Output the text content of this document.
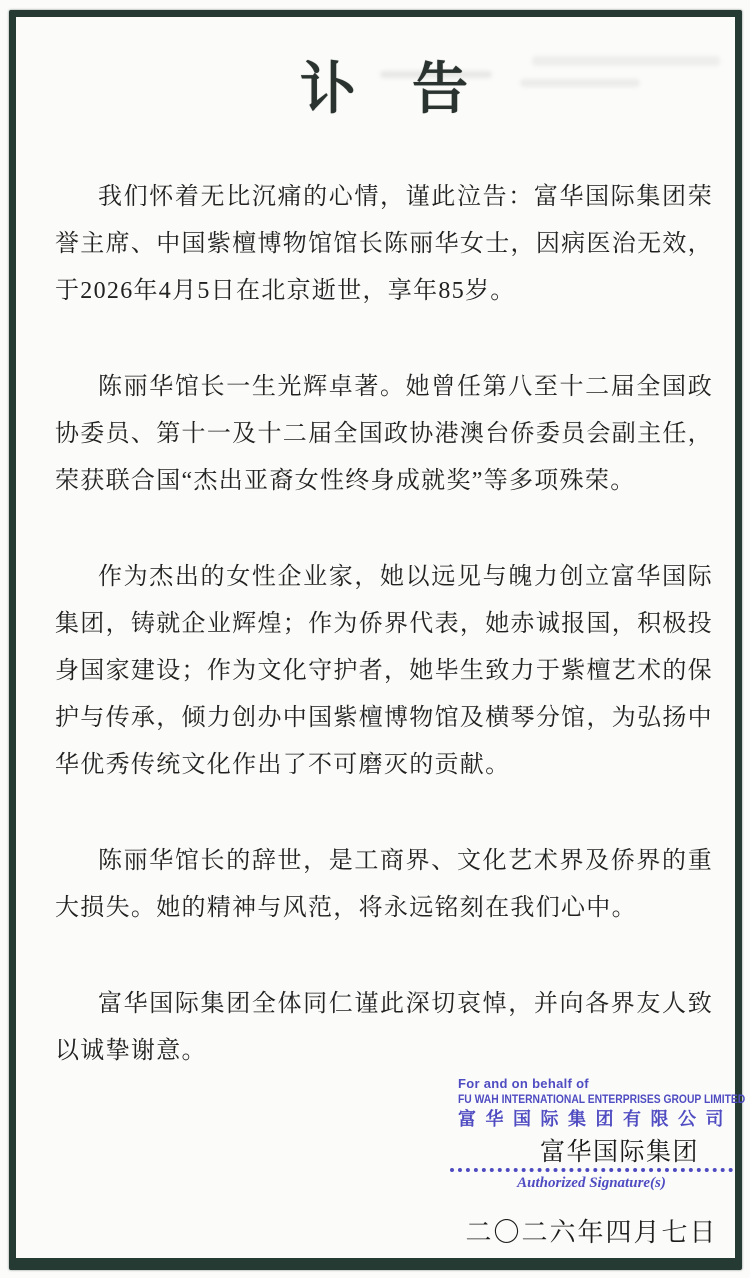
讣　告

我们怀着无比沉痛的心情，谨此泣告：富华国际集团荣誉主席、中国紫檀博物馆馆长陈丽华女士，因病医治无效，于2026年4月5日在北京逝世，享年85岁。

陈丽华馆长一生光辉卓著。她曾任第八至十二届全国政协委员、第十一及十二届全国政协港澳台侨委员会副主任，荣获联合国“杰出亚裔女性终身成就奖”等多项殊荣。

作为杰出的女性企业家，她以远见与魄力创立富华国际集团，铸就企业辉煌；作为侨界代表，她赤诚报国，积极投身国家建设；作为文化守护者，她毕生致力于紫檀艺术的保护与传承，倾力创办中国紫檀博物馆及横琴分馆，为弘扬中华优秀传统文化作出了不可磨灭的贡献。

陈丽华馆长的辞世，是工商界、文化艺术界及侨界的重大损失。她的精神与风范，将永远铭刻在我们心中。

富华国际集团全体同仁谨此深切哀悼，并向各界友人致以诚挚谢意。

For and on behalf of
FU WAH INTERNATIONAL ENTERPRISES GROUP LIMITED
富华国际集团有限公司
富华国际集团
Authorized Signature(s)
二〇二六年四月七日
